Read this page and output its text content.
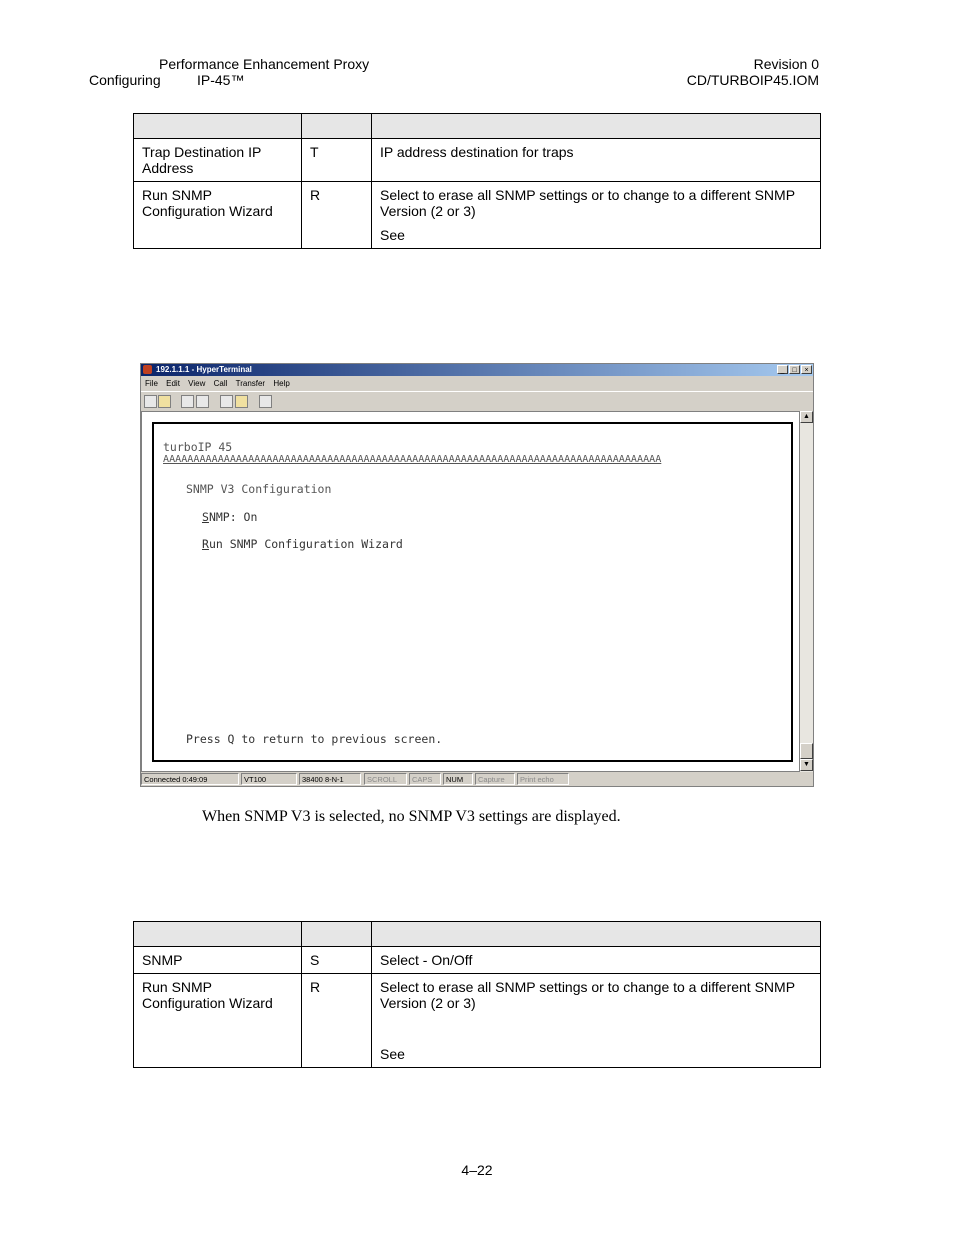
Performance Enhancement Proxy
Configuring	IP-45™
Revision 0
CD/TURBOIP45.IOM

Trap Destination IP Address	T	IP address destination for traps
Run SNMP Configuration Wizard	R	Select to erase all SNMP settings or to change to a different SNMP Version (2 or 3)
See
192.1.1.1 - HyperTerminal	_ □ ×
File Edit View Call Transfer Help
turboIP 45
AAAAAAAAAAAAAAAAAAAAAAAAAAAAAAAAAAAAAAAAAAAAAAAAAAAAAAAAAAAAAAAAAAAAAAAAAAAAAAAAAA
SNMP V3 Configuration
SNMP: On
Run SNMP Configuration Wizard
Press Q to return to previous screen.
▲
▼
Connected 0:49:09	VT100	38400 8-N-1	SCROLL	CAPS	NUM	Capture	Print echo
When SNMP V3 is selected, no SNMP V3 settings are displayed.

SNMP	S	Select - On/Off
Run SNMP Configuration Wizard	R	Select to erase all SNMP settings or to change to a different SNMP Version (2 or 3)
See
4–22
